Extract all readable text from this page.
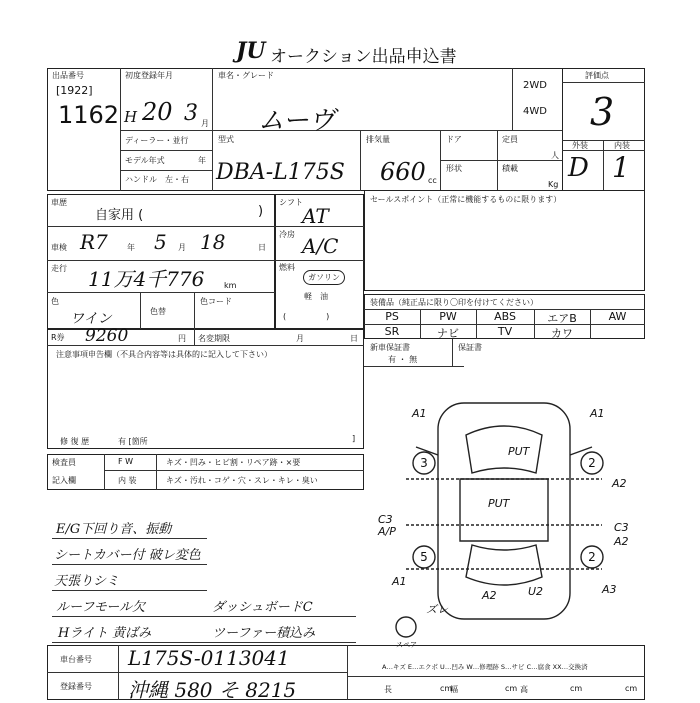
JU オークション出品申込書
出品番号
[1922]
1162
初度登録年月
H 20 3 月
車名・グレード
ムーヴ
2WD
4WD
評価点
3
外装	内装
D 1
ディーラー・並行
モデル年式	年
ハンドル　左・右
型式
DBA-L175S
排気量
660 cc
ドア	定員
人
形状	積載
Kg
車歴
自家用 (	)
車検 R7 年 5 月 18	日
走行 11万4千776 km
色
ワイン	色替
色コード
シフト
AT
冷房 A/C
燃料
ガソリン
軽　油
(　　　　　)
セールスポイント（正常に機能するものに限ります）
装備品（純正品に限り〇印を付けてください）
PS	PW	ABS	エアB	AW
SR	ナビ	TV	カワ
新車保証書
有 ・ 無
保証書
R券 9260	円 名変期限	月	日
注意事項申告欄（不具合内容等は具体的に記入して下さい）
修 復 歴	有 [箇所	]
検査員
記入欄
F W	キズ・凹み・ヒビ割・リペア跡・×要
内 装	キズ・汚れ・コゲ・穴・スレ・キレ・臭い
E/G下回り音、振動
シートカバー付 破レ変色
天張りシミ
ルーフモール欠
Hライト 黄ばみ
ダッシュボードC
ツーファー積込み
3	2
5	2
A1	A1
PUT
PUT
A2
C3
A/P	C3
A2
A1
A2	U2	A3
ズレ
スペア
車台番号 L175S-0113041
登録番号 沖縄 580 そ 8215
A…キズ E…エクボ U…凹み W…修理跡 S…サビ C…腐食 XX…交換済
長	幅	高
cm	cm	cm	cm
